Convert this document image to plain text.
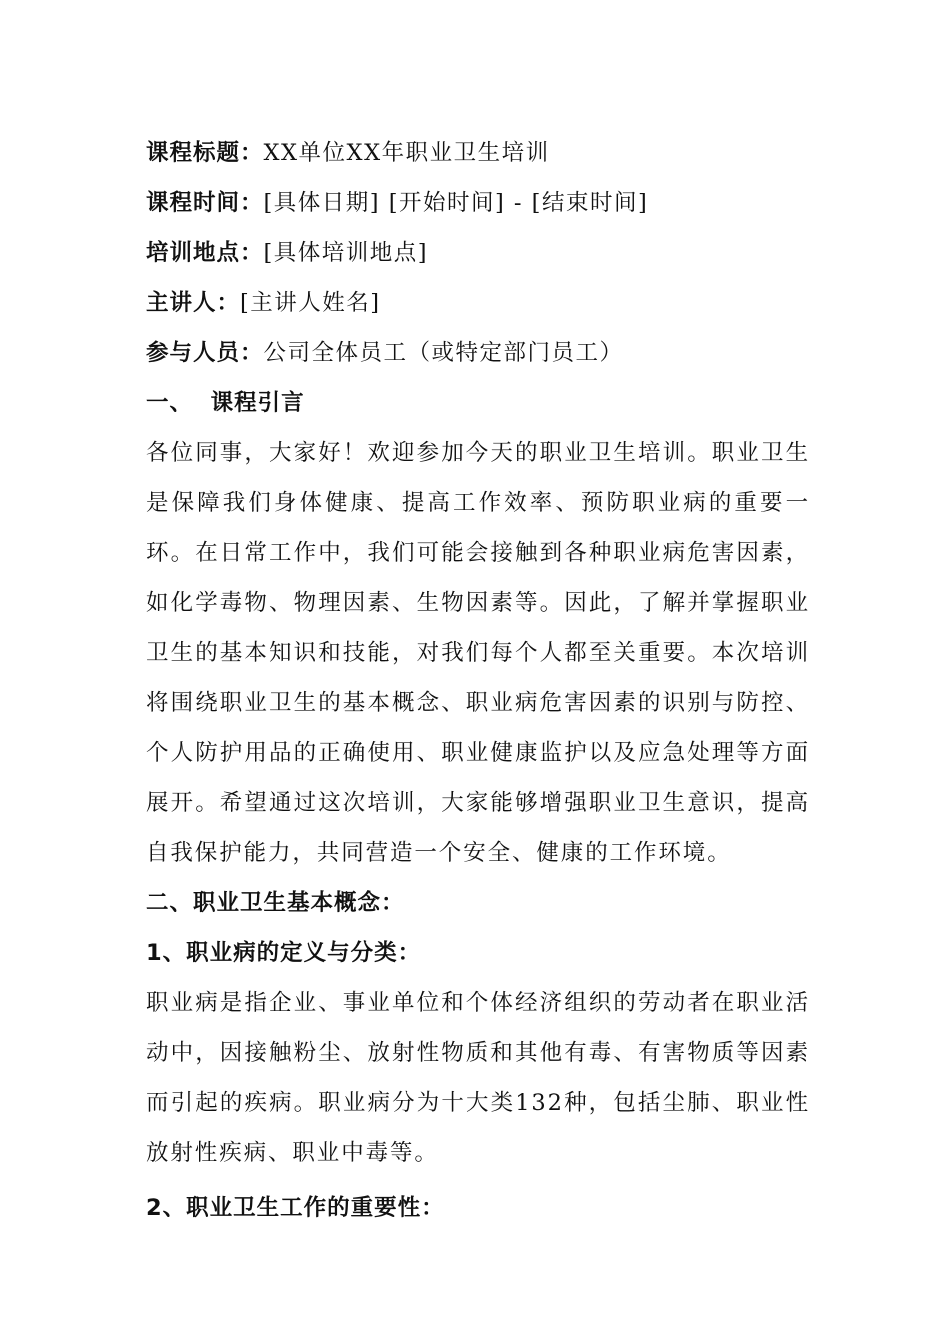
课程标题：XX单位XX年职业卫生培训
课程时间：[具体日期] [开始时间] - [结束时间]
培训地点：[具体培训地点]
主讲人：[主讲人姓名]
参与人员：公司全体员工（或特定部门员工）
一、  课程引言
各位同事，大家好！欢迎参加今天的职业卫生培训。职业卫生是保障我们身体健康、提高工作效率、预防职业病的重要一环。在日常工作中，我们可能会接触到各种职业病危害因素，如化学毒物、物理因素、生物因素等。因此，了解并掌握职业卫生的基本知识和技能，对我们每个人都至关重要。本次培训将围绕职业卫生的基本概念、职业病危害因素的识别与防控、个人防护用品的正确使用、职业健康监护以及应急处理等方面展开。希望通过这次培训，大家能够增强职业卫生意识，提高自我保护能力，共同营造一个安全、健康的工作环境。
二、职业卫生基本概念：
1、职业病的定义与分类：
职业病是指企业、事业单位和个体经济组织的劳动者在职业活动中，因接触粉尘、放射性物质和其他有毒、有害物质等因素而引起的疾病。职业病分为十大类132种，包括尘肺、职业性放射性疾病、职业中毒等。
2、职业卫生工作的重要性：
